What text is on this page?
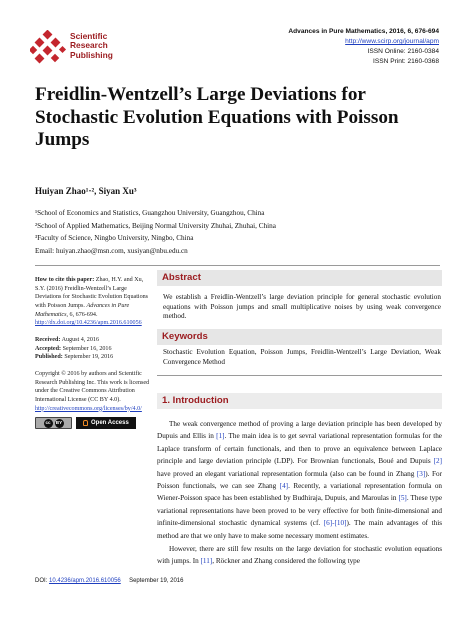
Scientific
Research
Publishing
Advances in Pure Mathematics, 2016, 6, 676-694
http://www.scirp.org/journal/apm
ISSN Online: 2160-0384
ISSN Print: 2160-0368
Freidlin-Wentzell’s Large Deviations for
Stochastic Evolution Equations with Poisson
Jumps
Huiyan Zhao¹·², Siyan Xu³
¹School of Economics and Statistics, Guangzhou University, Guangzhou, China
²School of Applied Mathematics, Beijing Normal University Zhuhai, Zhuhai, China
³Faculty of Science, Ningbo University, Ningbo, China
Email: huiyan.zhao@msn.com, xusiyan@nbu.edu.cn
How to cite this paper: Zhao, H.Y. and Xu, S.Y. (2016) Freidlin-Wentzell’s Large Deviations for Stochastic Evolution Equations with Poisson Jumps. Advances in Pure Mathematics, 6, 676-694.
http://dx.doi.org/10.4236/apm.2016.610056
Received: August 4, 2016
Accepted: September 16, 2016
Published: September 19, 2016
Copyright © 2016 by authors and Scientific Research Publishing Inc. This work is licensed under the Creative Commons Attribution International License (CC BY 4.0).
http://creativecommons.org/licenses/by/4.0/
cc	BY	Open Access
Abstract
We establish a Freidlin-Wentzell’s large deviation principle for general stochastic evolution equations with Poisson jumps and small multiplicative noises by using weak convergence method.
Keywords
Stochastic Evolution Equation, Poisson Jumps, Freidlin-Wentzell’s Large Deviation, Weak Convergence Method
1. Introduction

The weak convergence method of proving a large deviation principle has been developed by Dupuis and Ellis in [1]. The main idea is to get sevral variational representation formulas for the Laplace transform of certain functionals, and then to prove an equivalence between Laplace principle and large deviation principle (LDP). For Brownian functionals, Boué and Dupuis [2] have proved an elegant variational representation formula (also can be found in Zhang [3]). For Poisson functionals, we can see Zhang [4]. Recently, a variational representation formula on Wiener-Poisson space has been established by Budhiraja, Dupuis, and Maroulas in [5]. These type variational representations have been proved to be very effective for both finite-dimensional and infinite-dimensional stochastic dynamical systems (cf. [6]-[10]). The main advantages of this method are that we only have to make some necessary moment estimates.

However, there are still few results on the large deviation for stochastic evolution equations with jumps. In [11], Röckner and Zhang considered the following type

DOI: 10.4236/apm.2016.610056 September 19, 2016
